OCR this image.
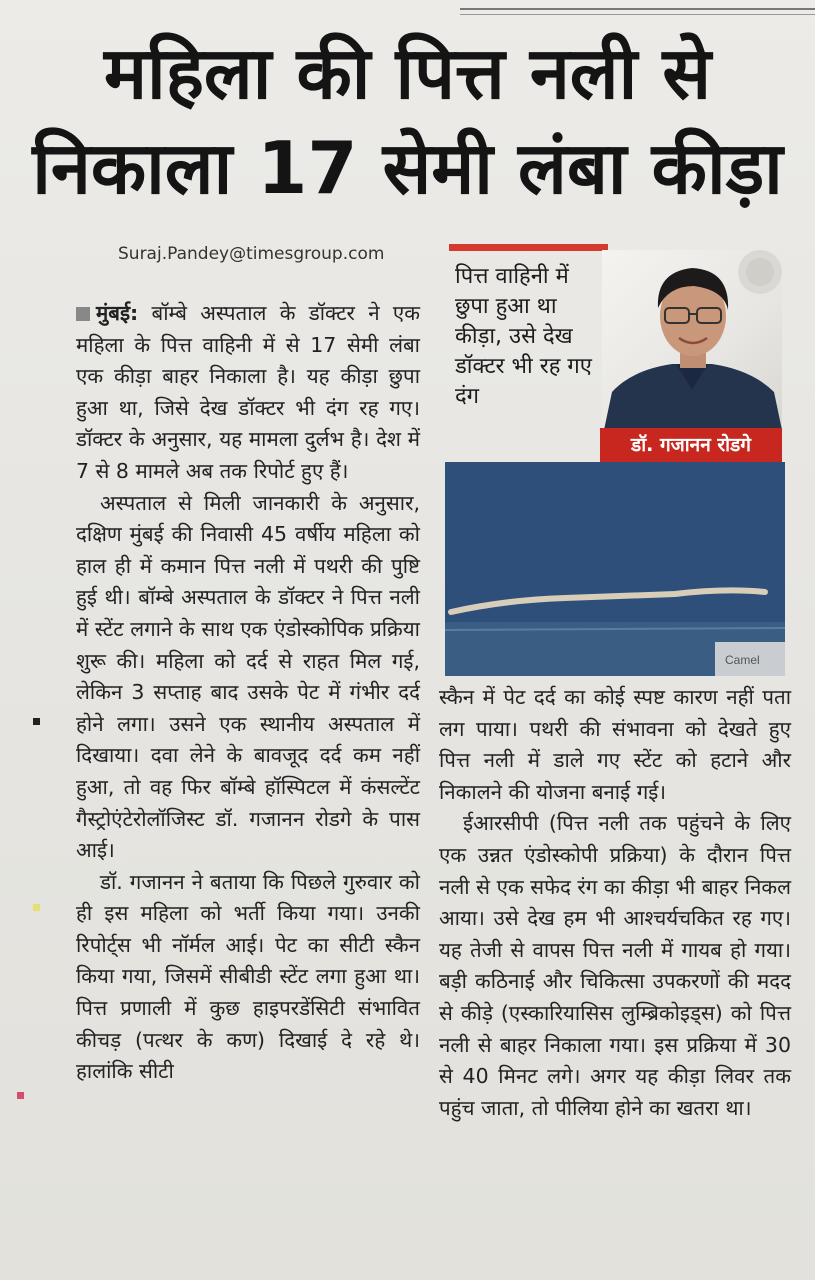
महिला की पित्त नली से
निकाला 17 सेमी लंबा कीड़ा
Suraj.Pandey@timesgroup.com

मुंबई: बॉम्बे अस्पताल के डॉक्टर ने एक महिला के पित्त वाहिनी में से 17 सेमी लंबा एक कीड़ा बाहर निकाला है। यह कीड़ा छुपा हुआ था, जिसे देख डॉक्टर भी दंग रह गए। डॉक्टर के अनुसार, यह मामला दुर्लभ है। देश में 7 से 8 मामले अब तक रिपोर्ट हुए हैं।

अस्पताल से मिली जानकारी के अनुसार, दक्षिण मुंबई की निवासी 45 वर्षीय महिला को हाल ही में कमान पित्त नली में पथरी की पुष्टि हुई थी। बॉम्बे अस्पताल के डॉक्टर ने पित्त नली में स्टेंट लगाने के साथ एक एंडोस्कोपिक प्रक्रिया शुरू की। महिला को दर्द से राहत मिल गई, लेकिन 3 सप्ताह बाद उसके पेट में गंभीर दर्द होने लगा। उसने एक स्थानीय अस्पताल में दिखाया। दवा लेने के बावजूद दर्द कम नहीं हुआ, तो वह फिर बॉम्बे हॉस्पिटल में कंसल्टेंट गैस्ट्रोएंटेरोलॉजिस्ट डॉ. गजानन रोडगे के पास आई।

डॉ. गजानन ने बताया कि पिछले गुरुवार को ही इस महिला को भर्ती किया गया। उनकी रिपोर्ट्स भी नॉर्मल आई। पेट का सीटी स्कैन किया गया, जिसमें सीबीडी स्टेंट लगा हुआ था। पित्त प्रणाली में कुछ हाइपरडेंसिटी संभावित कीचड़ (पत्थर के कण) दिखाई दे रहे थे। हालांकि सीटी

पित्त वाहिनी में छुपा हुआ था कीड़ा, उसे देख डॉक्टर भी रह गए दंग
डॉ. गजानन रोडगे
Camel

स्कैन में पेट दर्द का कोई स्पष्ट कारण नहीं पता लग पाया। पथरी की संभावना को देखते हुए पित्त नली में डाले गए स्टेंट को हटाने और निकालने की योजना बनाई गई।

ईआरसीपी (पित्त नली तक पहुंचने के लिए एक उन्नत एंडोस्कोपी प्रक्रिया) के दौरान पित्त नली से एक सफेद रंग का कीड़ा भी बाहर निकल आया। उसे देख हम भी आश्चर्यचकित रह गए। यह तेजी से वापस पित्त नली में गायब हो गया। बड़ी कठिनाई और चिकित्सा उपकरणों की मदद से कीड़े (एस्कारियासिस लुम्ब्रिकोइड्स) को पित्त नली से बाहर निकाला गया। इस प्रक्रिया में 30 से 40 मिनट लगे। अगर यह कीड़ा लिवर तक पहुंच जाता, तो पीलिया होने का खतरा था।
